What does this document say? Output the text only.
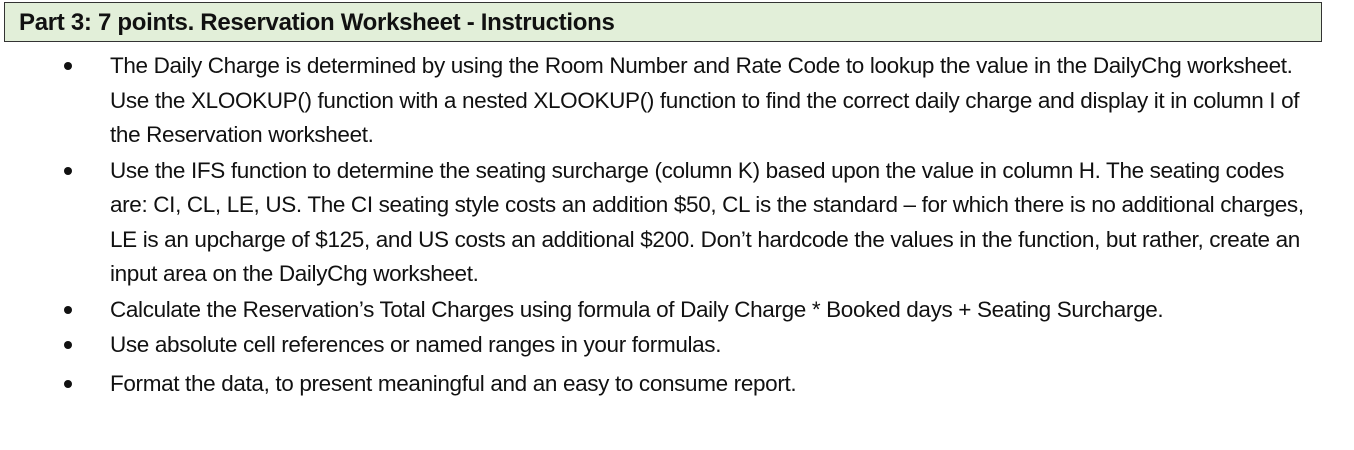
Part 3: 7 points. Reservation Worksheet - Instructions
The Daily Charge is determined by using the Room Number and Rate Code to lookup the value in the DailyChg worksheet. Use the XLOOKUP() function with a nested XLOOKUP() function to find the correct daily charge and display it in column I of the Reservation worksheet.
Use the IFS function to determine the seating surcharge (column K) based upon the value in column H. The seating codes are: CI, CL, LE, US. The CI seating style costs an addition $50, CL is the standard – for which there is no additional charges, LE is an upcharge of $125, and US costs an additional $200. Don’t hardcode the values in the function, but rather, create an input area on the DailyChg worksheet.
Calculate the Reservation’s Total Charges using formula of Daily Charge * Booked days + Seating Surcharge.
Use absolute cell references or named ranges in your formulas.
Format the data, to present meaningful and an easy to consume report.
